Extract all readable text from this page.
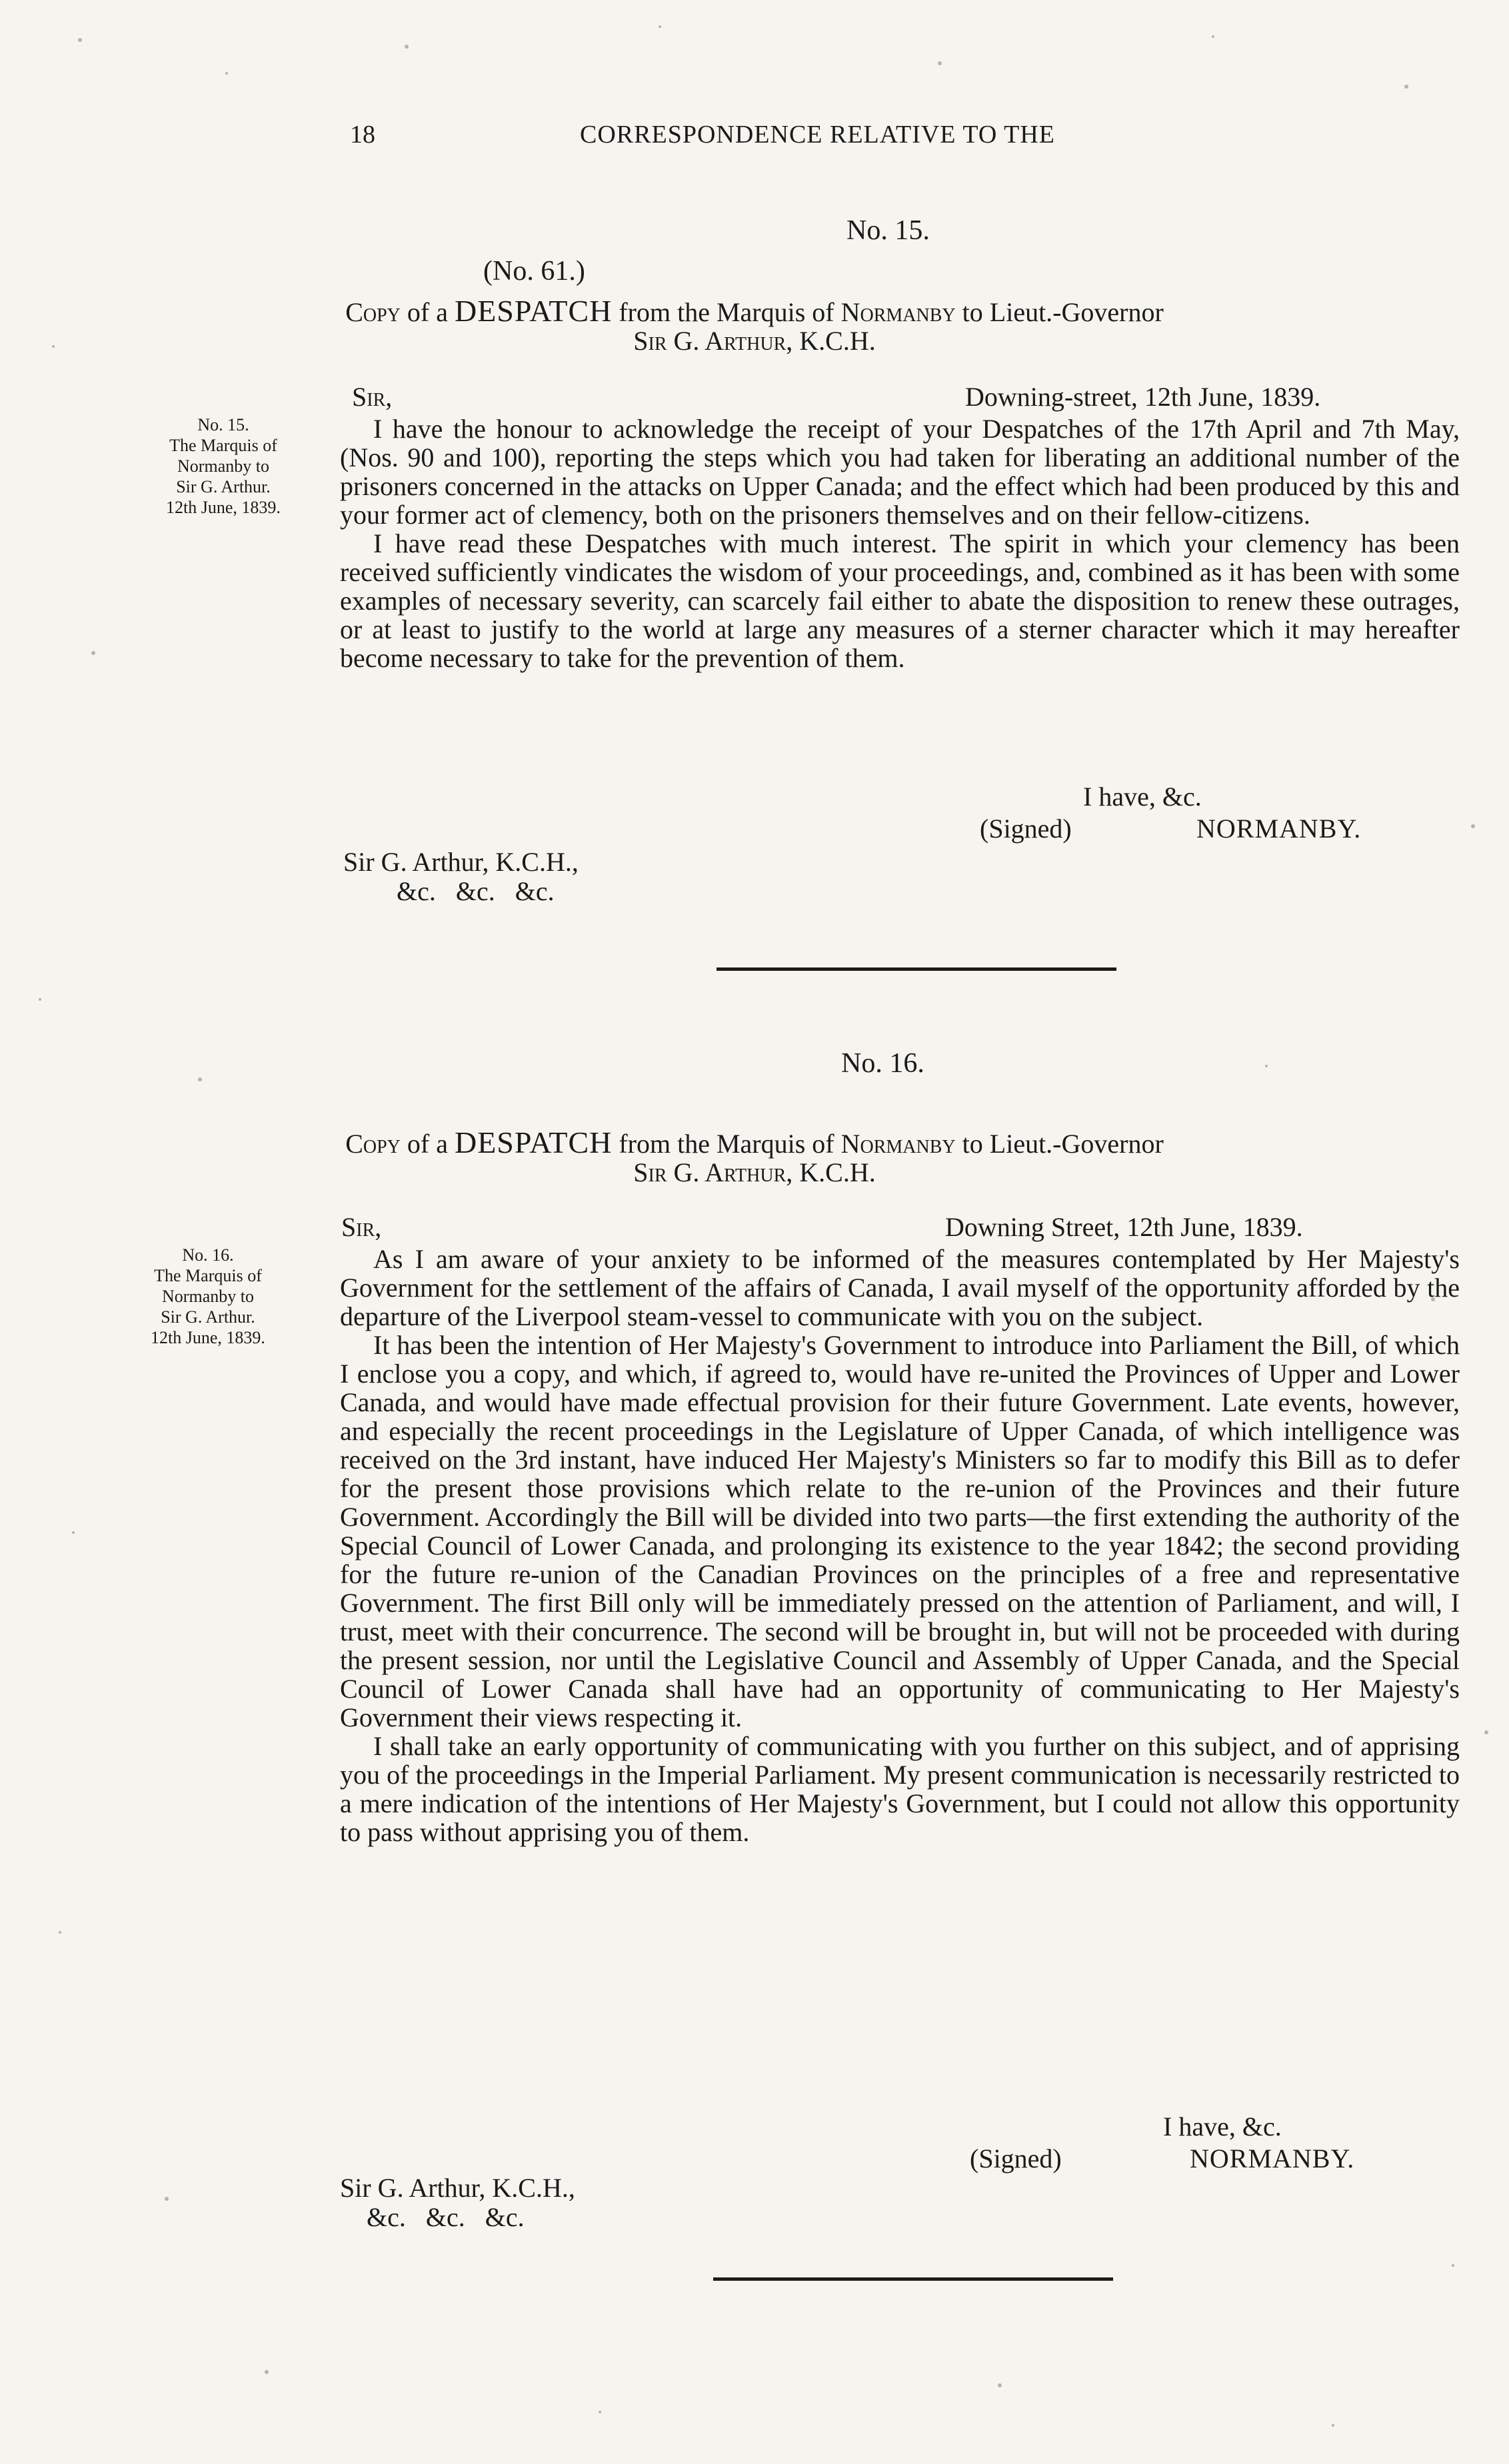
18	CORRESPONDENCE RELATIVE TO THE
No. 15.
(No. 61.)
Copy of a DESPATCH from the Marquis of Normanby to Lieut.-Governor
Sir G. Arthur, K.C.H.
Sir,	Downing-street, 12th June, 1839.
No. 15.
The Marquis of
Normanby to
Sir G. Arthur.
12th June, 1839.

I have the honour to acknowledge the receipt of your Despatches of the 17th April and 7th May, (Nos. 90 and 100), reporting the steps which you had taken for liberating an additional number of the prisoners concerned in the attacks on Upper Canada; and the effect which had been produced by this and your former act of clemency, both on the prisoners themselves and on their fellow-citizens.

I have read these Despatches with much interest. The spirit in which your clemency has been received sufficiently vindicates the wisdom of your proceedings, and, combined as it has been with some examples of necessary severity, can scarcely fail either to abate the disposition to renew these outrages, or at least to justify to the world at large any measures of a sterner character which it may hereafter become necessary to take for the prevention of them.

I have, &c.
(Signed)	NORMANBY.
Sir G. Arthur, K.C.H.,
&c.   &c.   &c.
No. 16.
Copy of a DESPATCH from the Marquis of Normanby to Lieut.-Governor
Sir G. Arthur, K.C.H.
Sir,	Downing Street, 12th June, 1839.
No. 16.
The Marquis of
Normanby to
Sir G. Arthur.
12th June, 1839.

As I am aware of your anxiety to be informed of the measures contemplated by Her Majesty's Government for the settlement of the affairs of Canada, I avail myself of the opportunity afforded by the departure of the Liverpool steam-vessel to communicate with you on the subject.

It has been the intention of Her Majesty's Government to introduce into Parliament the Bill, of which I enclose you a copy, and which, if agreed to, would have re-united the Provinces of Upper and Lower Canada, and would have made effectual provision for their future Government. Late events, however, and especially the recent proceedings in the Legislature of Upper Canada, of which intelligence was received on the 3rd instant, have induced Her Majesty's Ministers so far to modify this Bill as to defer for the present those provisions which relate to the re-union of the Provinces and their future Government. Accordingly the Bill will be divided into two parts—the first extending the authority of the Special Council of Lower Canada, and prolonging its existence to the year 1842; the second providing for the future re-union of the Canadian Provinces on the principles of a free and representative Government. The first Bill only will be immediately pressed on the attention of Parliament, and will, I trust, meet with their concurrence. The second will be brought in, but will not be proceeded with during the present session, nor until the Legislative Council and Assembly of Upper Canada, and the Special Council of Lower Canada shall have had an opportunity of communicating to Her Majesty's Government their views respecting it.

I shall take an early opportunity of communicating with you further on this subject, and of apprising you of the proceedings in the Imperial Parliament. My present communication is necessarily restricted to a mere indication of the intentions of Her Majesty's Government, but I could not allow this opportunity to pass without apprising you of them.

I have, &c.
(Signed)	NORMANBY.
Sir G. Arthur, K.C.H.,
&c.   &c.   &c.
